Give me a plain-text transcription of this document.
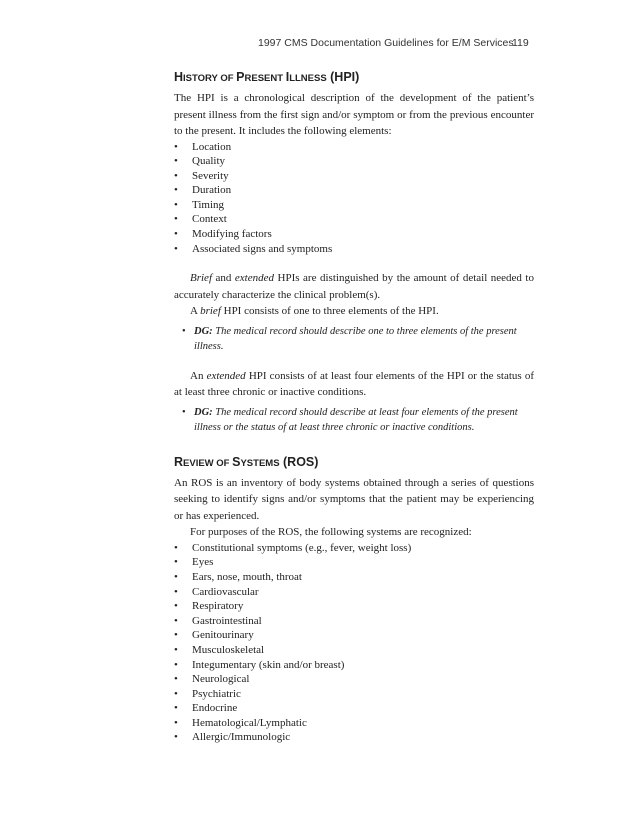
1997 CMS Documentation Guidelines for E/M Services
119
HISTORY OF PRESENT ILLNESS (HPI)

The HPI is a chronological description of the development of the patient’s present illness from the first sign and/or symptom or from the previous encounter to the present. It includes the following elements:

• Location
• Quality
• Severity
• Duration
• Timing
• Context
• Modifying factors
• Associated signs and symptoms

Brief and extended HPIs are distinguished by the amount of detail needed to accurately characterize the clinical problem(s).

A brief HPI consists of one to three elements of the HPI.

• DG: The medical record should describe one to three elements of the present illness.

An extended HPI consists of at least four elements of the HPI or the status of at least three chronic or inactive conditions.

• DG: The medical record should describe at least four elements of the present illness or the status of at least three chronic or inactive conditions.

REVIEW OF SYSTEMS (ROS)

An ROS is an inventory of body systems obtained through a series of questions seeking to identify signs and/or symptoms that the patient may be experiencing or has experienced.

For purposes of the ROS, the following systems are recognized:

• Constitutional symptoms (e.g., fever, weight loss)
• Eyes
• Ears, nose, mouth, throat
• Cardiovascular
• Respiratory
• Gastrointestinal
• Genitourinary
• Musculoskeletal
• Integumentary (skin and/or breast)
• Neurological
• Psychiatric
• Endocrine
• Hematological/Lymphatic
• Allergic/Immunologic
